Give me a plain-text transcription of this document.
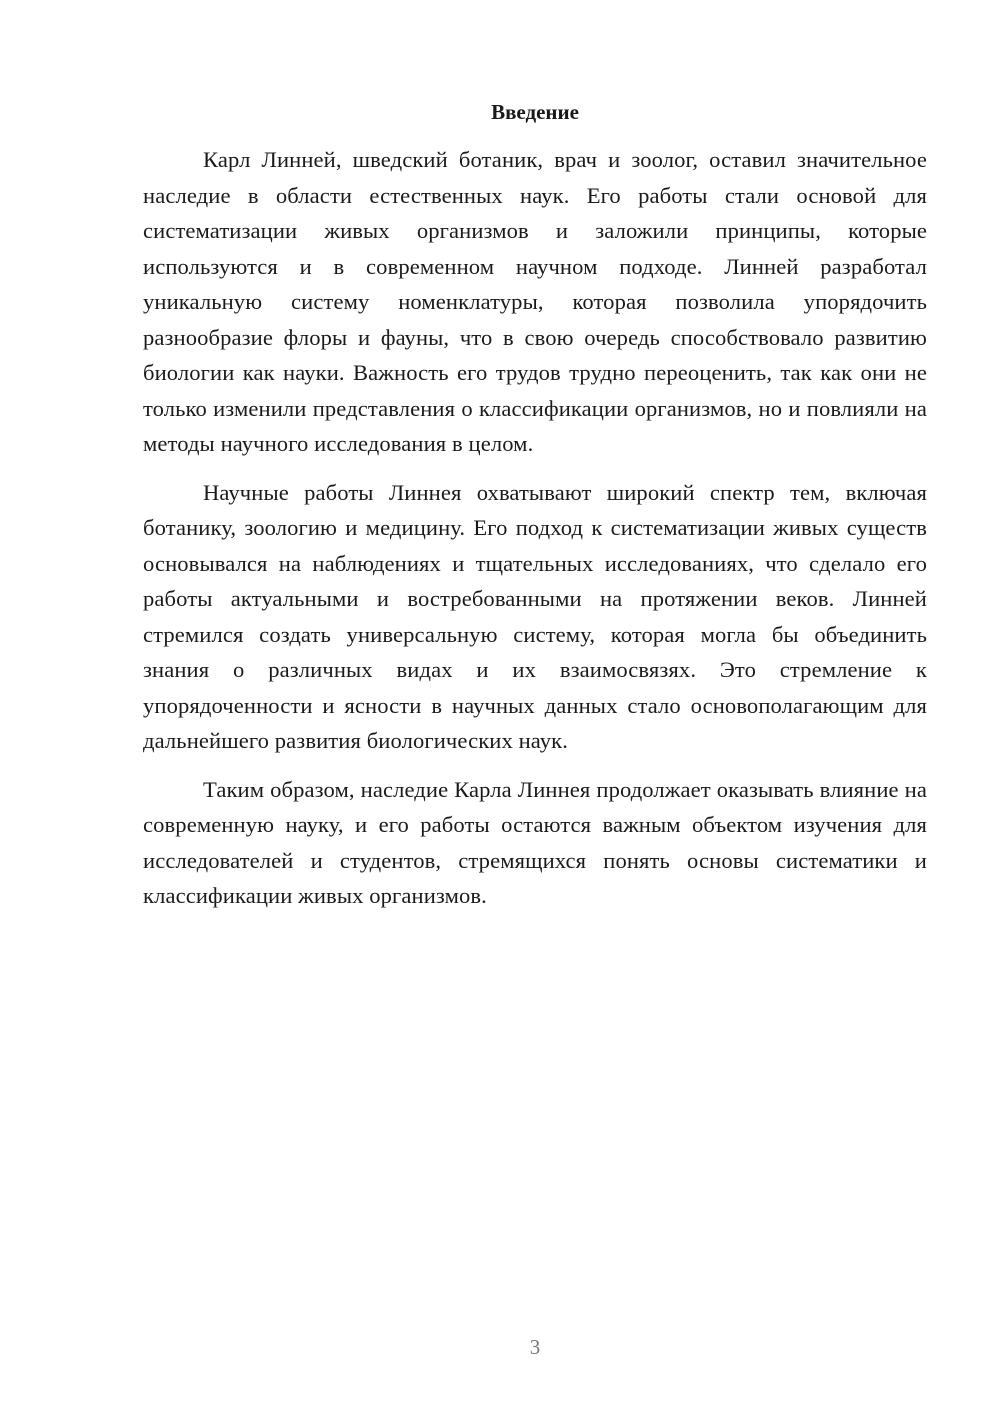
Введение

Карл Линней, шведский ботаник, врач и зоолог, оставил значительное наследие в области естественных наук. Его работы стали основой для систематизации живых организмов и заложили принципы, которые используются и в современном научном подходе. Линней разработал уникальную систему номенклатуры, которая позволила упорядочить разнообразие флоры и фауны, что в свою очередь способствовало развитию биологии как науки. Важность его трудов трудно переоценить, так как они не только изменили представления о классификации организмов, но и повлияли на методы научного исследования в целом.

Научные работы Линнея охватывают широкий спектр тем, включая ботанику, зоологию и медицину. Его подход к систематизации живых существ основывался на наблюдениях и тщательных исследованиях, что сделало его работы актуальными и востребованными на протяжении веков. Линней стремился создать универсальную систему, которая могла бы объединить знания о различных видах и их взаимосвязях. Это стремление к упорядоченности и ясности в научных данных стало основополагающим для дальнейшего развития биологических наук.

Таким образом, наследие Карла Линнея продолжает оказывать влияние на современную науку, и его работы остаются важным объектом изучения для исследователей и студентов, стремящихся понять основы систематики и классификации живых организмов.

3
